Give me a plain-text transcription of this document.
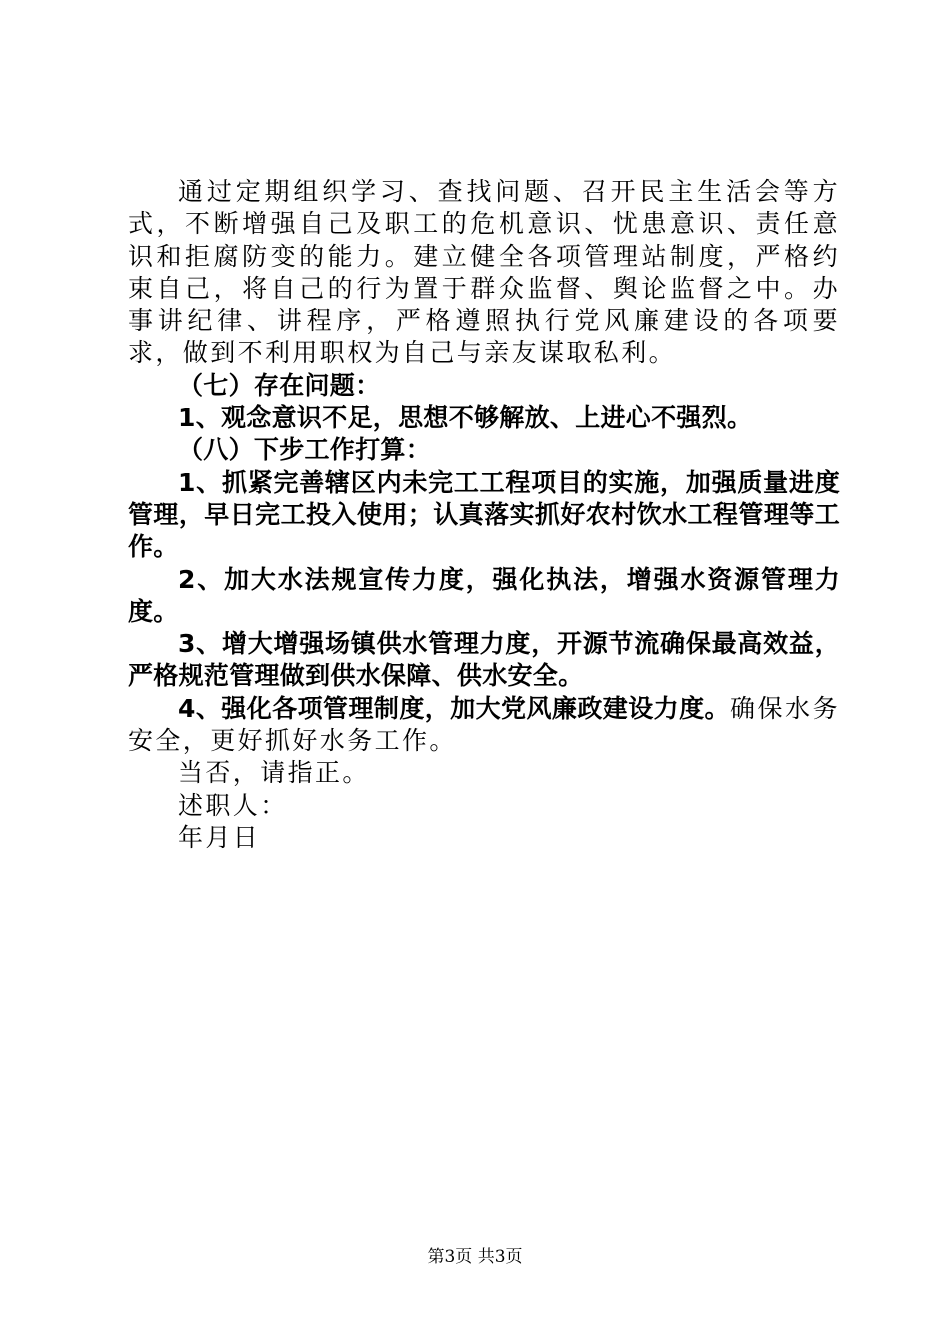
通过定期组织学习、查找问题、召开民主生活会等方式，不断增强自己及职工的危机意识、忧患意识、责任意识和拒腐防变的能力。建立健全各项管理站制度，严格约束自己，将自己的行为置于群众监督、舆论监督之中。办事讲纪律、讲程序，严格遵照执行党风廉建设的各项要求，做到不利用职权为自己与亲友谋取私利。

（七）存在问题：

1、观念意识不足，思想不够解放、上进心不强烈。

（八）下步工作打算：

1、抓紧完善辖区内未完工工程项目的实施，加强质量进度管理，早日完工投入使用；认真落实抓好农村饮水工程管理等工作。

2、加大水法规宣传力度，强化执法，增强水资源管理力度。

3、增大增强场镇供水管理力度，开源节流确保最高效益，严格规范管理做到供水保障、供水安全。

4、强化各项管理制度，加大党风廉政建设力度。确保水务安全，更好抓好水务工作。

当否，请指正。

述职人：

年月日

第3页 共3页
